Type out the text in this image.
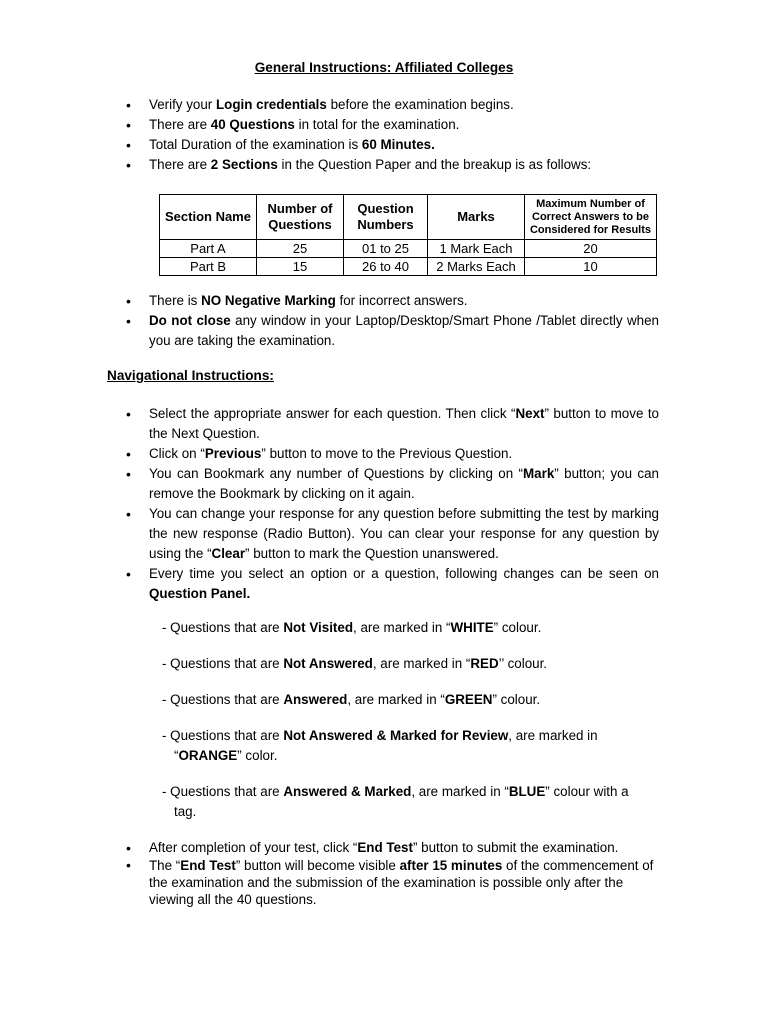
General Instructions: Affiliated Colleges
• Verify your Login credentials before the examination begins.
• There are 40 Questions in total for the examination.
• Total Duration of the examination is 60 Minutes.
• There are 2 Sections in the Question Paper and the breakup is as follows:
Section Name	Number of Questions	Question Numbers	Marks	Maximum Number of Correct Answers to be Considered for Results
Part A	25	01 to 25	1 Mark Each	20
Part B	15	26 to 40	2 Marks Each	10
• There is NO Negative Marking for incorrect answers.
• Do not close any window in your Laptop/Desktop/Smart Phone /Tablet directly when you are taking the examination.
Navigational Instructions:
• Select the appropriate answer for each question. Then click “Next” button to move to the Next Question.
• Click on “Previous” button to move to the Previous Question.
• You can Bookmark any number of Questions by clicking on “Mark” button; you can remove the Bookmark by clicking on it again.
• You can change your response for any question before submitting the test by marking the new response (Radio Button). You can clear your response for any question by using the “Clear” button to mark the Question unanswered.
• Every time you select an option or a question, following changes can be seen on Question Panel.
- Questions that are Not Visited, are marked in “WHITE” colour.
- Questions that are Not Answered, are marked in “RED’’ colour.
- Questions that are Answered, are marked in “GREEN” colour.
- Questions that are Not Answered & Marked for Review, are marked in
“ORANGE” color.
- Questions that are Answered & Marked, are marked in “BLUE” colour with a
tag.
• After completion of your test, click “End Test” button to submit the examination.
• The “End Test” button will become visible after 15 minutes of the commencement of the examination and the submission of the examination is possible only after the viewing all the 40 questions.
